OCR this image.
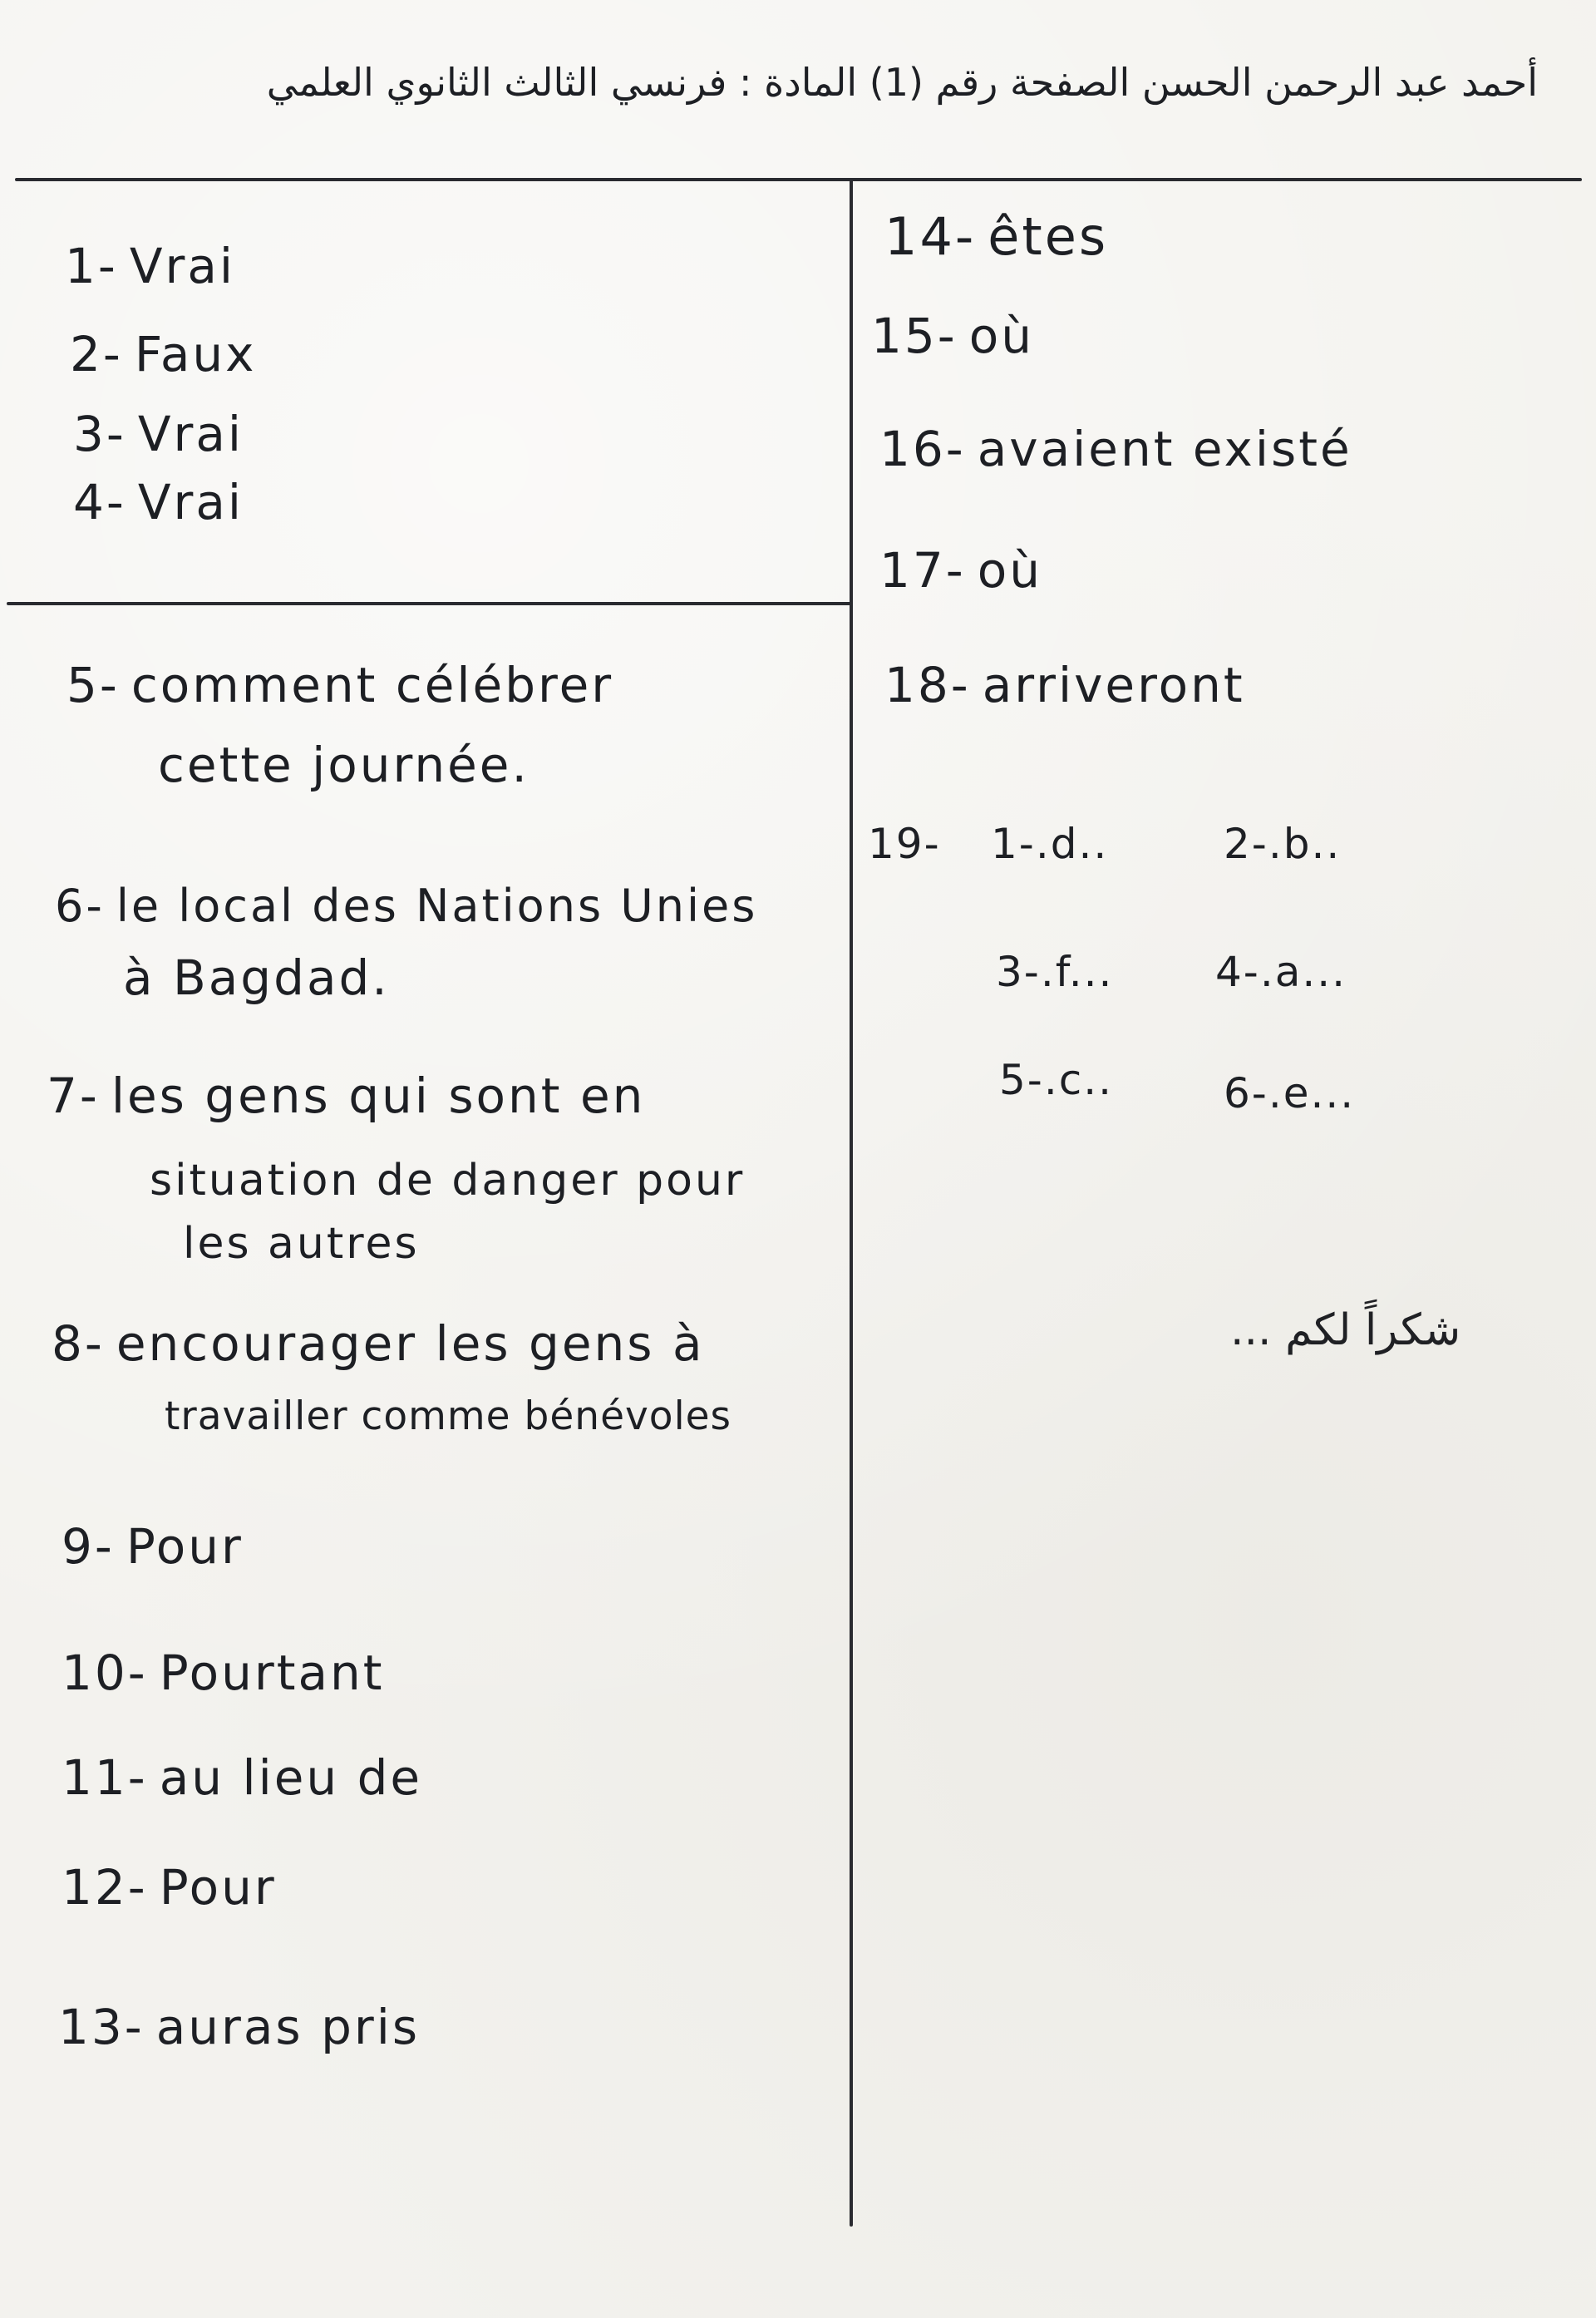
أحمد عبد الرحمن الحسن الصفحة رقم (1) المادة : فرنسي الثالث الثانوي العلمي
1- Vrai
2- Faux
3- Vrai
4- Vrai
5- comment célébrer
cette journée.
6- le local des Nations Unies
à Bagdad.
7- les gens qui sont en
situation de danger pour
les autres
8- encourager les gens à
travailler comme bénévoles
9- Pour
10- Pourtant
11- au lieu de
12- Pour
13- auras pris
14- êtes
15- où
16- avaient existé
17- où
18- arriveront
19- 1-.d..	2-.b..
3-.f... 4-.a...
5-.c..	6-.e...
شكراً لكم ...
